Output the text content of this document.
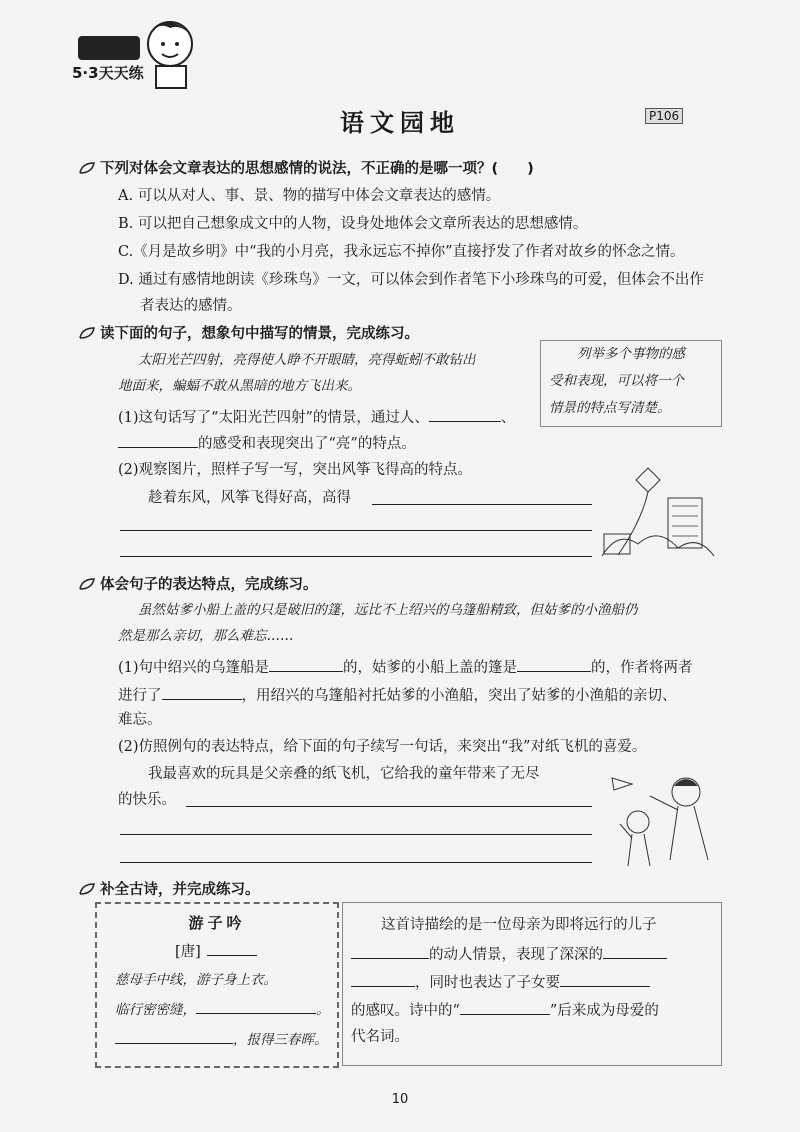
5·3天天练
语文园地	P106
下列对体会文章表达的思想感情的说法，不正确的是哪一项？(　　)
A. 可以从对人、事、景、物的描写中体会文章表达的感情。
B. 可以把自己想象成文中的人物，设身处地体会文章所表达的思想感情。
C.《月是故乡明》中“我的小月亮，我永远忘不掉你”直接抒发了作者对故乡的怀念之情。
D. 通过有感情地朗读《珍珠鸟》一文，可以体会到作者笔下小珍珠鸟的可爱，但体会不出作
者表达的感情。
读下面的句子，想象句中描写的情景，完成练习。
太阳光芒四射，亮得使人睁不开眼睛，亮得蚯蚓不敢钻出
地面来，蝙蝠不敢从黑暗的地方飞出来。
列举多个事物的感
受和表现，可以将一个
情景的特点写清楚。
(1)这句话写了“太阳光芒四射”的情景，通过人、	、
的感受和表现突出了“亮”的特点。
(2)观察图片，照样子写一写，突出风筝飞得高的特点。
趁着东风，风筝飞得好高，高得
体会句子的表达特点，完成练习。
虽然姑爹小船上盖的只是破旧的篷，远比不上绍兴的乌篷船精致，但姑爹的小渔船仍
然是那么亲切，那么难忘……
(1)句中绍兴的乌篷船是	的，姑爹的小船上盖的篷是	的，作者将两者
进行了	，用绍兴的乌篷船衬托姑爹的小渔船，突出了姑爹的小渔船的亲切、
难忘。
(2)仿照例句的表达特点，给下面的句子续写一句话，来突出“我”对纸飞机的喜爱。
我最喜欢的玩具是父亲叠的纸飞机，它给我的童年带来了无尽
的快乐。
补全古诗，并完成练习。
游子吟
[唐]
慈母手中线，游子身上衣。
临行密密缝，	。
，报得三春晖。
这首诗描绘的是一位母亲为即将远行的儿子
的动人情景，表现了深深的
，同时也表达了子女要
的感叹。诗中的“	”后来成为母爱的
代名词。
10
